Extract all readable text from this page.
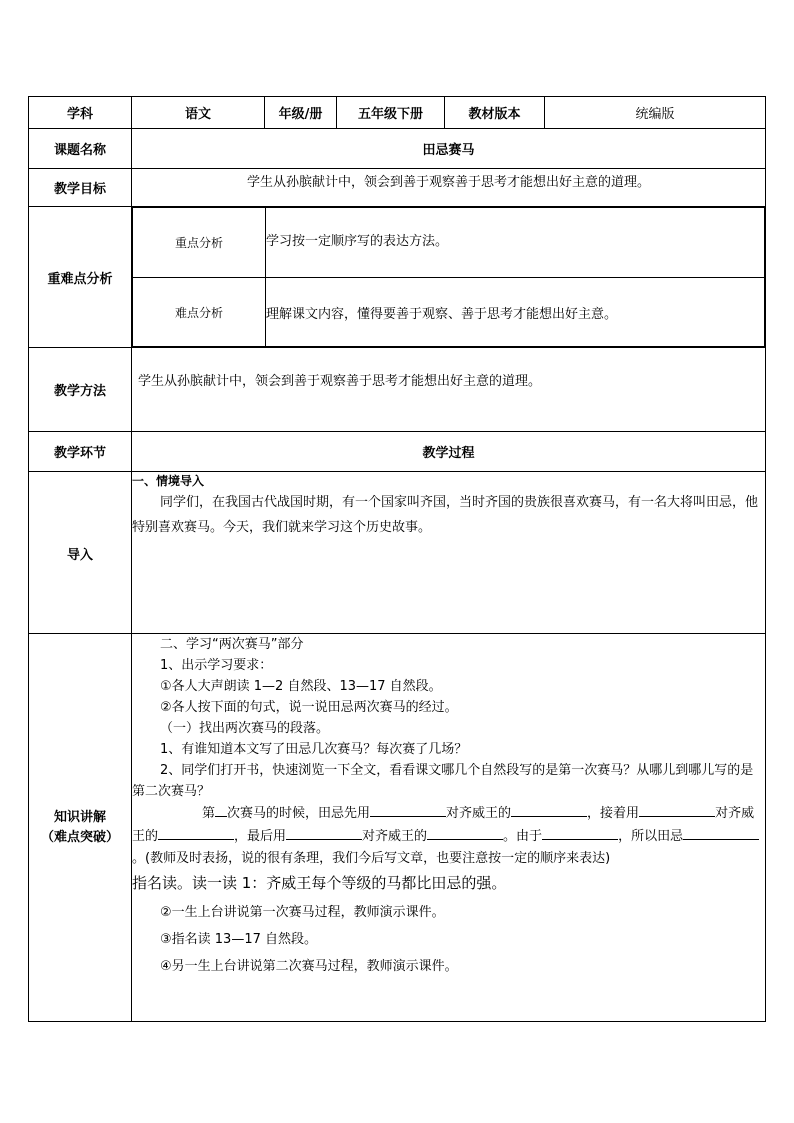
学科	语文	年级/册	五年级下册	教材版本	统编版
课题名称	田忌赛马
教学目标	学生从孙膑献计中，领会到善于观察善于思考才能想出好主意的道理。
重难点分析	
重点分析	学习按一定顺序写的表达方法。
难点分析	理解课文内容，懂得要善于观察、善于思考才能想出好主意。

教学方法	学生从孙膑献计中，领会到善于观察善于思考才能想出好主意的道理。
教学环节	教学过程
导入	

一、情境导入

同学们，在我国古代战国时期，有一个国家叫齐国，当时齐国的贵族很喜欢赛马，有一名大将叫田忌，他特别喜欢赛马。今天，我们就来学习这个历史故事。

知识讲解
（难点突破）

二、学习“两次赛马”部分

1、出示学习要求：

①各人大声朗读 1—2 自然段、13—17 自然段。

②各人按下面的句式，说一说田忌两次赛马的经过。

（一）找出两次赛马的段落。

1、有谁知道本文写了田忌几次赛马？每次赛了几场？

2、同学们打开书，快速浏览一下全文，看看课文哪几个自然段写的是第一次赛马？从哪儿到哪儿写的是第二次赛马？

第 次赛马的时候，田忌先用	对齐威王的	，接着用	对齐威王的	，最后用	对齐威王的	。由于	，所以田忌。(教师及时表扬，说的很有条理，我们今后写文章，也要注意按一定的顺序来表达)

指名读。读一读 1：齐威王每个等级的马都比田忌的强。

②一生上台讲说第一次赛马过程，教师演示课件。

③指名读 13—17 自然段。

④另一生上台讲说第二次赛马过程，教师演示课件。
